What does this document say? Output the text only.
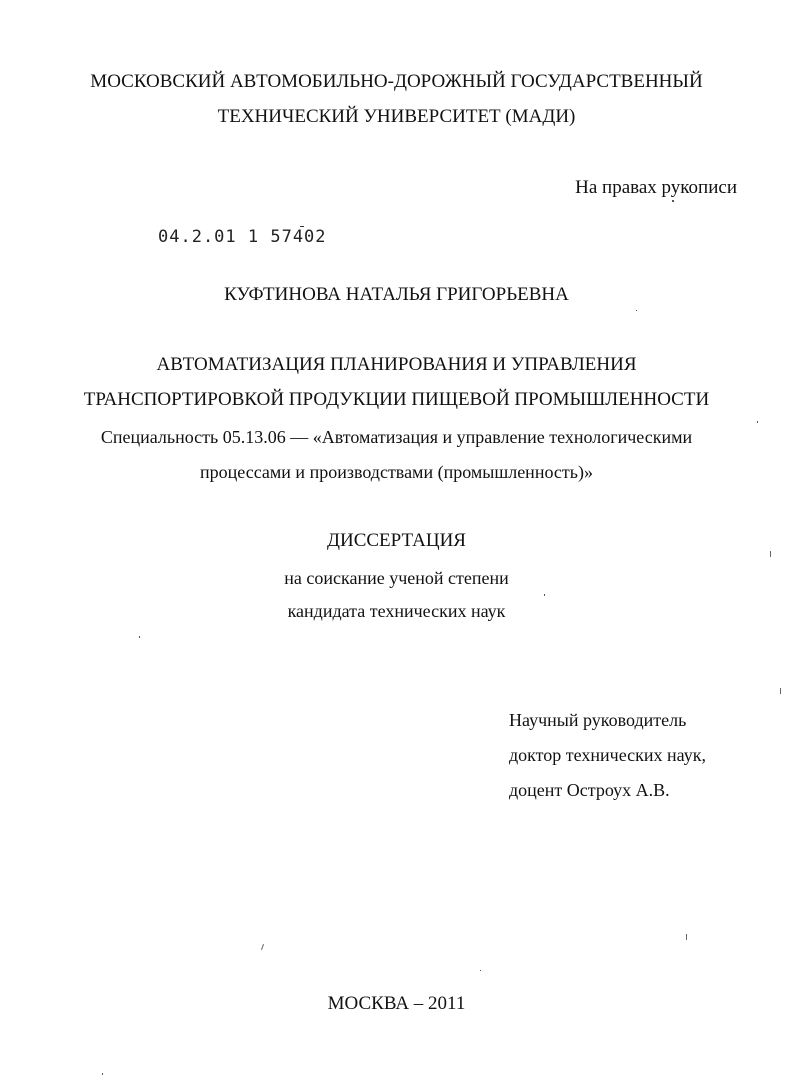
МОСКОВСКИЙ АВТОМОБИЛЬНО-ДОРОЖНЫЙ ГОСУДАРСТВЕННЫЙ
ТЕХНИЧЕСКИЙ УНИВЕРСИТЕТ (МАДИ)
На правах рукописи
04.2.01 1 57402
КУФТИНОВА НАТАЛЬЯ ГРИГОРЬЕВНА
АВТОМАТИЗАЦИЯ ПЛАНИРОВАНИЯ И УПРАВЛЕНИЯ
ТРАНСПОРТИРОВКОЙ ПРОДУКЦИИ ПИЩЕВОЙ ПРОМЫШЛЕННОСТИ
Специальность 05.13.06 — «Автоматизация и управление технологическими
процессами и производствами (промышленность)»
ДИССЕРТАЦИЯ
на соискание ученой степени
кандидата технических наук
Научный руководитель
доктор технических наук,
доцент Остроух А.В.
МОСКВА – 2011
